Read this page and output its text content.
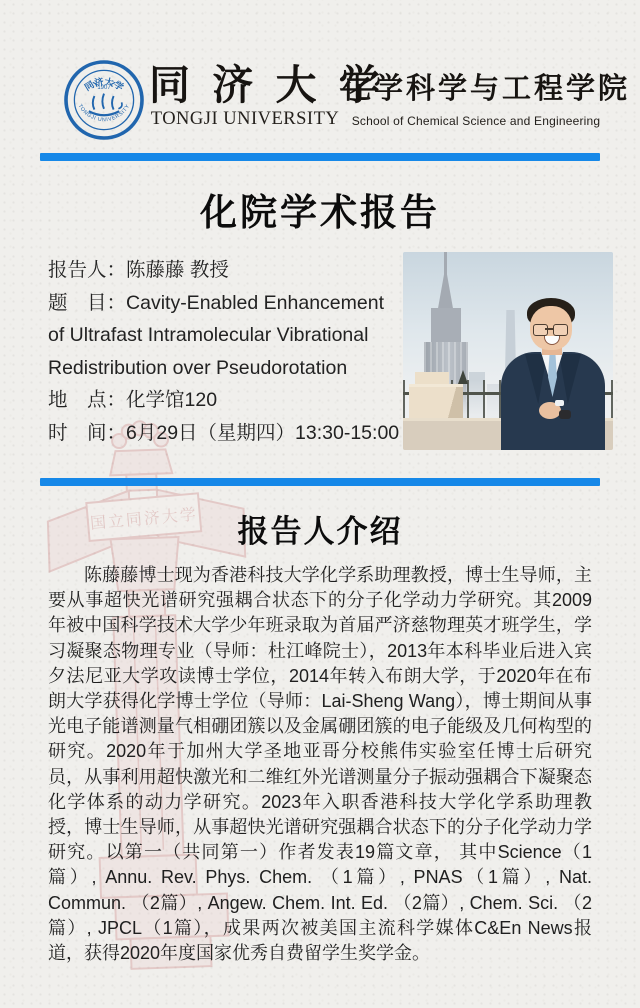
国立同济大学
同济大学
TONGJI UNIVERSITY
1907 同 济 大 学
TONGJI UNIVERSITY
化学科学与工程学院
School of Chemical Science and Engineering
化院学术报告

报告人：陈藤藤 教授

题　目：Cavity-Enabled Enhancement

of Ultrafast Intramolecular Vibrational

Redistribution over Pseudorotation

地　点：化学馆120

时　间：6月29日（星期四）13:30-15:00

报告人介绍

陈藤藤博士现为香港科技大学化学系助理教授，博士生导师，主要从事超快光谱研究强耦合状态下的分子化学动力学研究。其2009年被中国科学技术大学少年班录取为首届严济慈物理英才班学生，学习凝聚态物理专业（导师：杜江峰院士），2013年本科毕业后进入宾夕法尼亚大学攻读博士学位，2014年转入布朗大学，于2020年在布朗大学获得化学博士学位（导师：Lai-Sheng Wang），博士期间从事光电子能谱测量气相硼团簇以及金属硼团簇的电子能级及几何构型的研究。2020年于加州大学圣地亚哥分校熊伟实验室任博士后研究员，从事利用超快激光和二维红外光谱测量分子振动强耦合下凝聚态化学体系的动力学研究。2023年入职香港科技大学化学系助理教授，博士生导师，从事超快光谱研究强耦合状态下的分子化学动力学研究。以第一（共同第一）作者发表19篇文章， 其中Science（1篇）, Annu. Rev. Phys. Chem. （1篇）, PNAS（1篇）, Nat. Commun. （2篇）, Angew. Chem. Int. Ed. （2篇）, Chem. Sci. （2篇）, JPCL（1篇），成果两次被美国主流科学媒体C&En News报道，获得2020年度国家优秀自费留学生奖学金。
